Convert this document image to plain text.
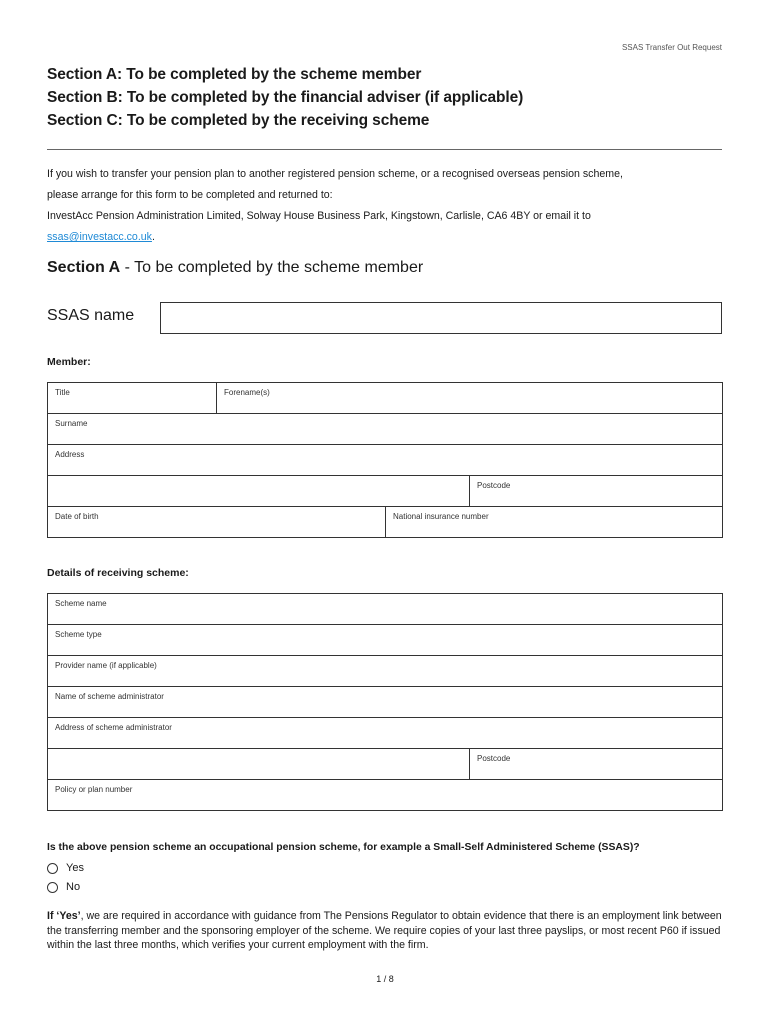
SSAS Transfer Out Request
Section A: To be completed by the scheme member
Section B: To be completed by the financial adviser (if applicable)
Section C: To be completed by the receiving scheme
If you wish to transfer your pension plan to another registered pension scheme, or a recognised overseas pension scheme,
please arrange for this form to be completed and returned to:
InvestAcc Pension Administration Limited, Solway House Business Park, Kingstown, Carlisle, CA6 4BY or email it to
ssas@investacc.co.uk.
Section A - To be completed by the scheme member
SSAS name
Member:
Title	Forename(s)
Surname
Address
Postcode
Date of birth	National insurance number
Details of receiving scheme:
Scheme name
Scheme type
Provider name (if applicable)
Name of scheme administrator
Address of scheme administrator
Postcode
Policy or plan number
Is the above pension scheme an occupational pension scheme, for example a Small-Self Administered Scheme (SSAS)?
Yes
No
If ‘Yes’, we are required in accordance with guidance from The Pensions Regulator to obtain evidence that there is an employment link between the transferring member and the sponsoring employer of the scheme. We require copies of your last three payslips, or most recent P60 if issued within the last three months, which verifies your current employment with the firm.
1 / 8
